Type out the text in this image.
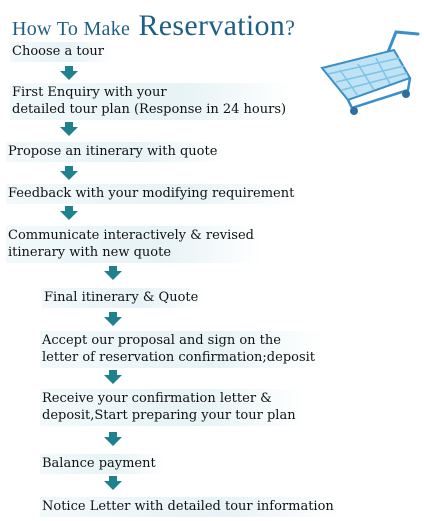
How To Make Reservation?
Choose a tour
First Enquiry with your
detailed tour plan (Response in 24 hours)
Propose an itinerary with quote
Feedback with your modifying requirement
Communicate interactively & revised
itinerary with new quote
Final itinerary & Quote
Accept our proposal and sign on the
letter of reservation confirmation;deposit
Receive your confirmation letter &
deposit,Start preparing your tour plan
Balance payment
Notice Letter with detailed tour information
